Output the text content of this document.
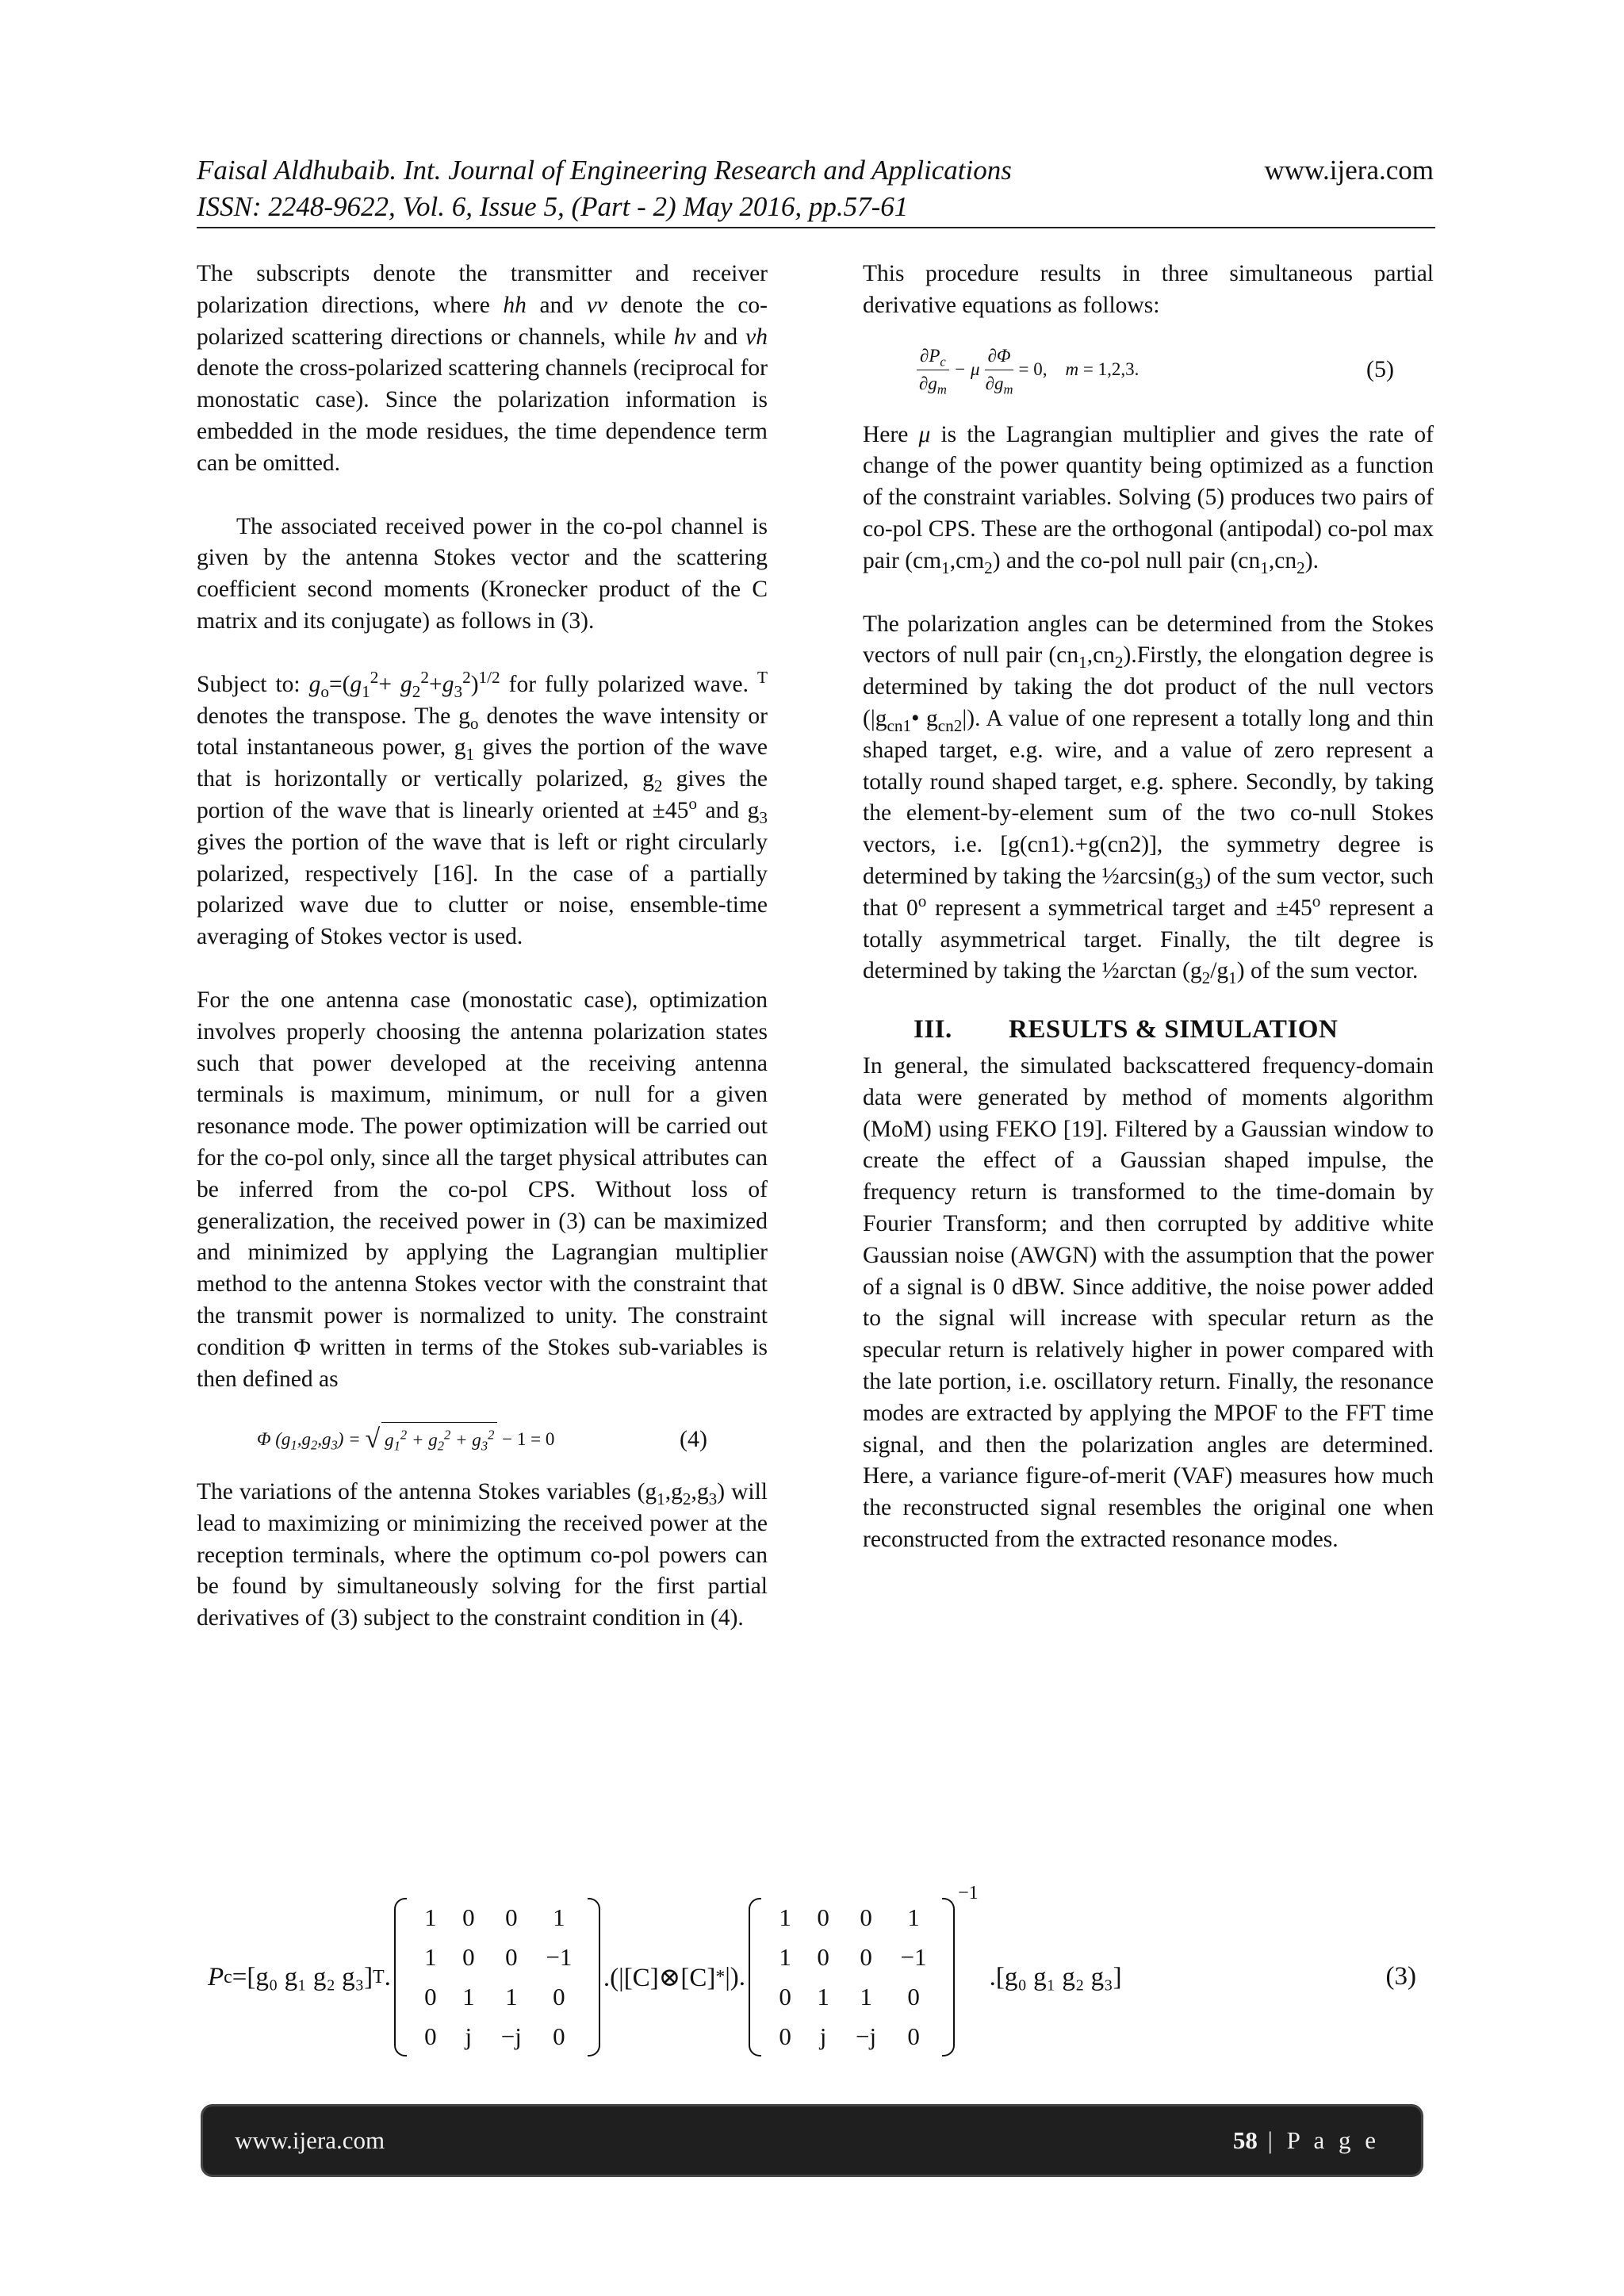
Faisal Aldhubaib. Int. Journal of Engineering Research and Applications	www.ijera.com
ISSN: 2248-9622, Vol. 6, Issue 5, (Part - 2) May 2016, pp.57-61

The subscripts denote the transmitter and receiver polarization directions, where hh and vv denote the co-polarized scattering directions or channels, while hv and vh denote the cross-polarized scattering channels (reciprocal for monostatic case). Since the polarization information is embedded in the mode residues, the time dependence term can be omitted.

The associated received power in the co-pol channel is given by the antenna Stokes vector and the scattering coefficient second moments (Kronecker product of the C matrix and its conjugate) as follows in (3).

Subject to: $g_o=(g_1^2+ g_2^2+g_3^2)^{1/2}$ for fully polarized wave. $^T$ denotes the transpose. The $g_o$ denotes the wave intensity or total instantaneous power, $g_1$ gives the portion of the wave that is horizontally or vertically polarized, $g_2$ gives the portion of the wave that is linearly oriented at $\pm 45^o$ and $g_3$ gives the portion of the wave that is left or right circularly polarized, respectively [16]. In the case of a partially polarized wave due to clutter or noise, ensemble-time averaging of Stokes vector is used.

For the one antenna case (monostatic case), optimization involves properly choosing the antenna polarization states such that power developed at the receiving antenna terminals is maximum, minimum, or null for a given resonance mode. The power optimization will be carried out for the co-pol only, since all the target physical attributes can be inferred from the co-pol CPS. Without loss of generalization, the received power in (3) can be maximized and minimized by applying the Lagrangian multiplier method to the antenna Stokes vector with the constraint that the transmit power is normalized to unity. The constraint condition Φ written in terms of the Stokes sub-variables is then defined as

Φ $(g_1,g_2,g_3)$ = √ $g_1^2 + g_2^2 + g_3^2 - 1 = 0$	(4)

The variations of the antenna Stokes variables $(g_1,g_2,g_3)$ will lead to maximizing or minimizing the received power at the reception terminals, where the optimum co-pol powers can be found by simultaneously solving for the first partial derivatives of (3) subject to the constraint condition in (4).

This procedure results in three simultaneous partial derivative equations as follows:

$\frac{\partial P_c}{\partial g_m} - \mu \frac{\partial\Phi}{\partial g_m} = 0$, m = 1,2,3.	(5)

Here μ is the Lagrangian multiplier and gives the rate of change of the power quantity being optimized as a function of the constraint variables. Solving (5) produces two pairs of co-pol CPS. These are the orthogonal (antipodal) co-pol max pair $(cm_1,cm_2)$ and the co-pol null pair $(cn_1,cn_2)$.

The polarization angles can be determined from the Stokes vectors of null pair $(cn_1,cn_2).Firstly$, the elongation degree is determined by taking the dot product of the null vectors ($|g_{cn1}•$ $g_{cn2}|$). A value of one represent a totally long and thin shaped target, e.g. wire, and a value of zero represent a totally round shaped target, e.g. sphere. Secondly, by taking the element-by-element sum of the two co-null Stokes vectors, i.e. [g(cn1).+g(cn2)], the symmetry degree is determined by taking the $\frac{1}{2}\arcsin(g_3)$ of the sum vector, such that 0$^o$ represent a symmetrical target and $\pm 45^o$ represent a totally asymmetrical target. Finally, the tilt degree is determined by taking the ½arctan $(g_2/g_1)$ of the sum vector.

III. RESULTS & SIMULATION

In general, the simulated backscattered frequency-domain data were generated by method of moments algorithm (MoM) using FEKO [19]. Filtered by a Gaussian window to create the effect of a Gaussian shaped impulse, the frequency return is transformed to the time-domain by Fourier Transform; and then corrupted by additive white Gaussian noise (AWGN) with the assumption that the power of a signal is 0 dBW. Since additive, the noise power added to the signal will increase with specular return as the specular return is relatively higher in power compared with the late portion, i.e. oscillatory return. Finally, the resonance modes are extracted by applying the MPOF to the FFT time signal, and then the polarization angles are determined. Here, a variance figure-of-merit (VAF) measures how much the reconstructed signal resembles the original one when reconstructed from the extracted resonance modes.

P c =[g₀ g₁ g₂ g₃] T .
1	0	0	1
1	0	0	−1
0	1	1	0
0	j	−j	0
.(|[C]⊗[C] * |).
1	0	0	1
1	0	0	−1
0	1	1	0
0	j	−j	0
−1
.[g₀ g₁ g₂ g₃]	(3)
www.ijera.com	58 | P a g e
